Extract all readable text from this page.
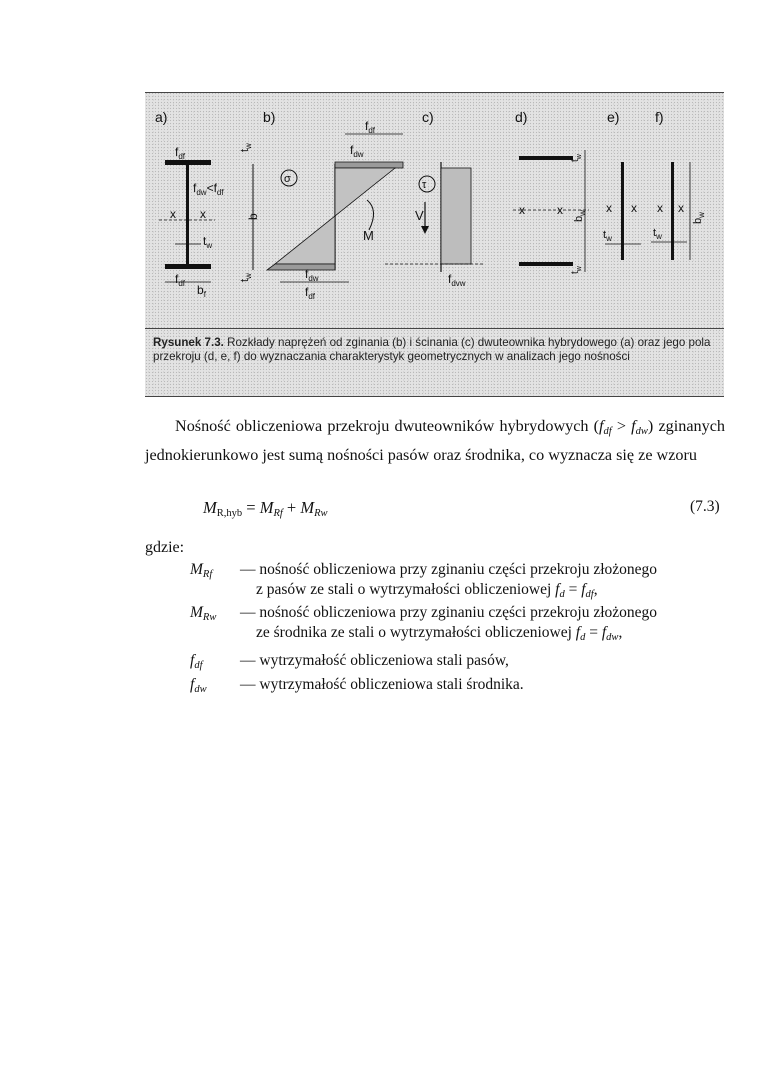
a)	b)	c)	d)	e)	f)
$f_{df}$
$f_{dw}<f_{df}$
x x
$t_w$
$f_{df}$ $b_f$
$t_w$
b
$t_w$
σ
M
$f_{df}$
$f_{dw}$
$f_{dw}$
$f_{df}$
τ
V
$f_{dvw}$
x	x
$b_w$
$t_w$
$t_w$
x x
$t_w$
x x
$t_w$
$b_w$
Rysunek 7.3. Rozkłady naprężeń od zginania (b) i ścinania (c) dwuteownika hybrydowego (a) oraz jego pola przekroju (d, e, f) do wyznaczania charakterystyk geometrycznych w analizach jego nośności
Nośność obliczeniowa przekroju dwuteowników hybrydowych $(f_{df} > f_{dw})$ zginanych jednokierunkowo jest sumą nośności pasów oraz środnika, co wyznacza się ze wzoru
$M_{R,hyb} = M_{Rf} + M_{Rw}$	(7.3)
gdzie:
$M_{Rf}$ — nośność obliczeniowa przy zginaniu części przekroju złożonego
z pasów ze stali o wytrzymałości obliczeniowej $f_d = f_{df}$,
$M_{Rw}$ — nośność obliczeniowa przy zginaniu części przekroju złożonego
ze środnika ze stali o wytrzymałości obliczeniowej $f_d = f_{dw}$,
$f_{df}$ — wytrzymałość obliczeniowa stali pasów,
$f_{dw}$ — wytrzymałość obliczeniowa stali środnika.
